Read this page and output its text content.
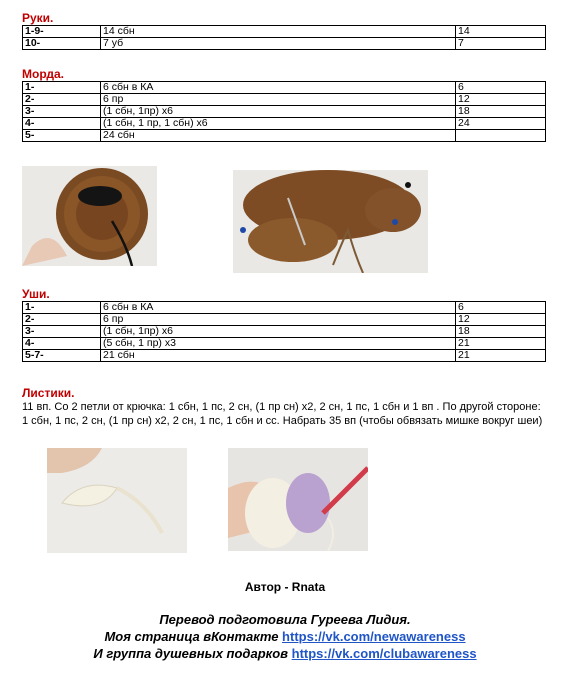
Руки.
1-9-	14 сбн	14
10-	7 уб	7
Морда.
1-	6 сбн в КА	6
2-	6 пр	12
3-	(1 сбн, 1пр) х6	18
4-	(1 сбн, 1 пр, 1 сбн) х6	24
5-	24 сбн	
Уши.
1-	6 сбн в КА	6
2-	6 пр	12
3-	(1 сбн, 1пр) х6	18
4-	(5 сбн, 1 пр) х3	21
5-7-	21 сбн	21
Листики.
11 вп. Со 2 петли от крючка: 1 сбн, 1 пс, 2 сн, (1 пр сн) х2, 2 сн, 1 пс, 1 сбн и 1 вп . По другой стороне: 1 сбн, 1 пс, 2 сн, (1 пр сн) х2, 2 сн, 1 пс, 1 сбн и сс. Набрать 35 вп (чтобы обвязать мишке вокруг шеи)
Автор - Rnata
Перевод подготовила Гуреева Лидия.
Моя страница вКонтакте https://vk.com/newawareness
И группа душевных подарков https://vk.com/clubawareness
